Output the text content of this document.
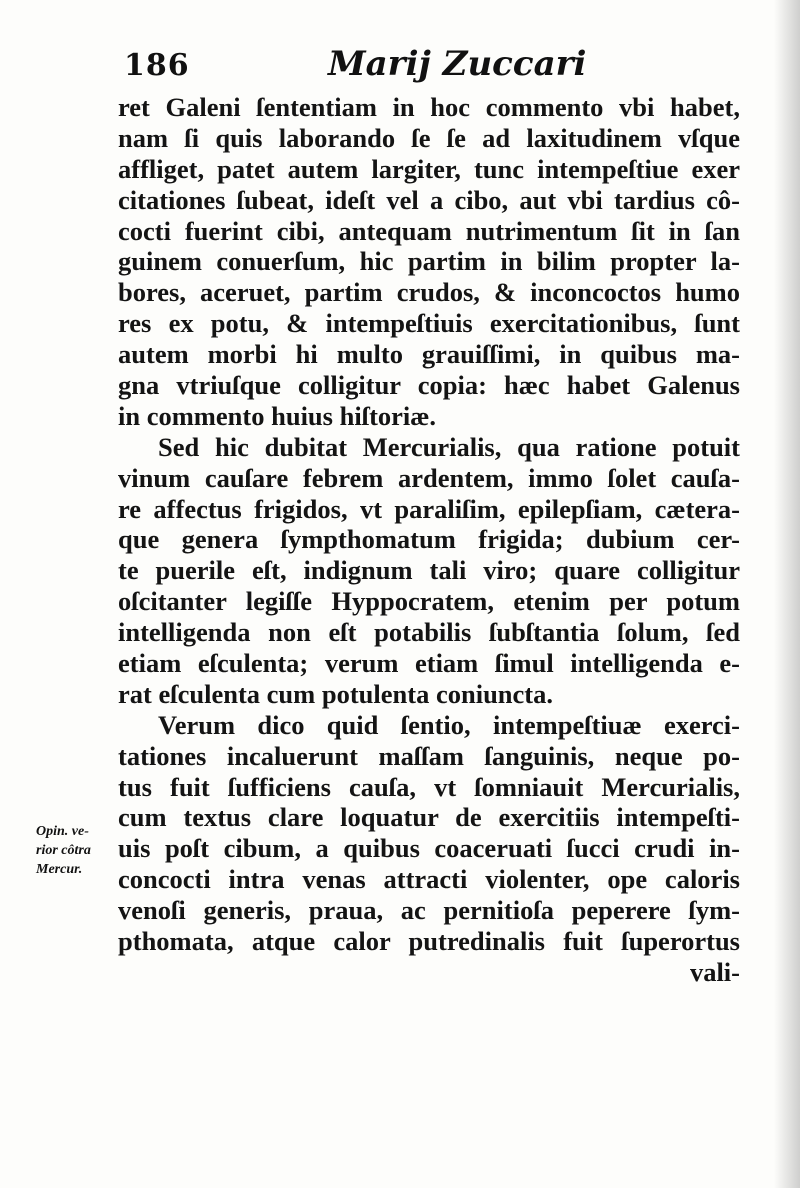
186	Marij Zuccari
ret Galeni ſententiam in hoc commento vbi habet,
nam ſi quis laborando ſe ſe ad laxitudinem vſque
affliget, patet autem largiter, tunc intempeſtiue exer
citationes ſubeat, ideſt vel a cibo, aut vbi tardius cô-
cocti fuerint cibi, antequam nutrimentum ſit in ſan
guinem conuerſum, hic partim in bilim propter la-
bores, aceruet, partim crudos, & inconcoctos humo
res ex potu, & intempeſtiuis exercitationibus, ſunt
autem morbi hi multo grauiſſimi, in quibus ma-
gna vtriuſque colligitur copia: hæc habet Galenus
in commento huius hiſtoriæ.
Sed hic dubitat Mercurialis, qua ratione potuit
vinum cauſare febrem ardentem, immo ſolet cauſa-
re affectus frigidos, vt paraliſim, epilepſiam, cætera-
que genera ſympthomatum frigida; dubium cer-
te puerile eſt, indignum tali viro; quare colligitur
oſcitanter legiſſe Hyppocratem, etenim per potum
intelligenda non eſt potabilis ſubſtantia ſolum, ſed
etiam eſculenta; verum etiam ſimul intelligenda e-
rat eſculenta cum potulenta coniuncta.
Verum dico quid ſentio, intempeſtiuæ exerci-
tationes incaluerunt maſſam ſanguinis, neque po-
tus fuit ſufficiens cauſa, vt ſomniauit Mercurialis,
cum textus clare loquatur de exercitiis intempeſti-
uis poſt cibum, a quibus coaceruati ſucci crudi in-
concocti intra venas attracti violenter, ope caloris
venoſi generis, praua, ac pernitioſa peperere ſym-
pthomata, atque calor putredinalis fuit ſuperortus
vali-
Opin. ve-
rior côtra
Mercur.
